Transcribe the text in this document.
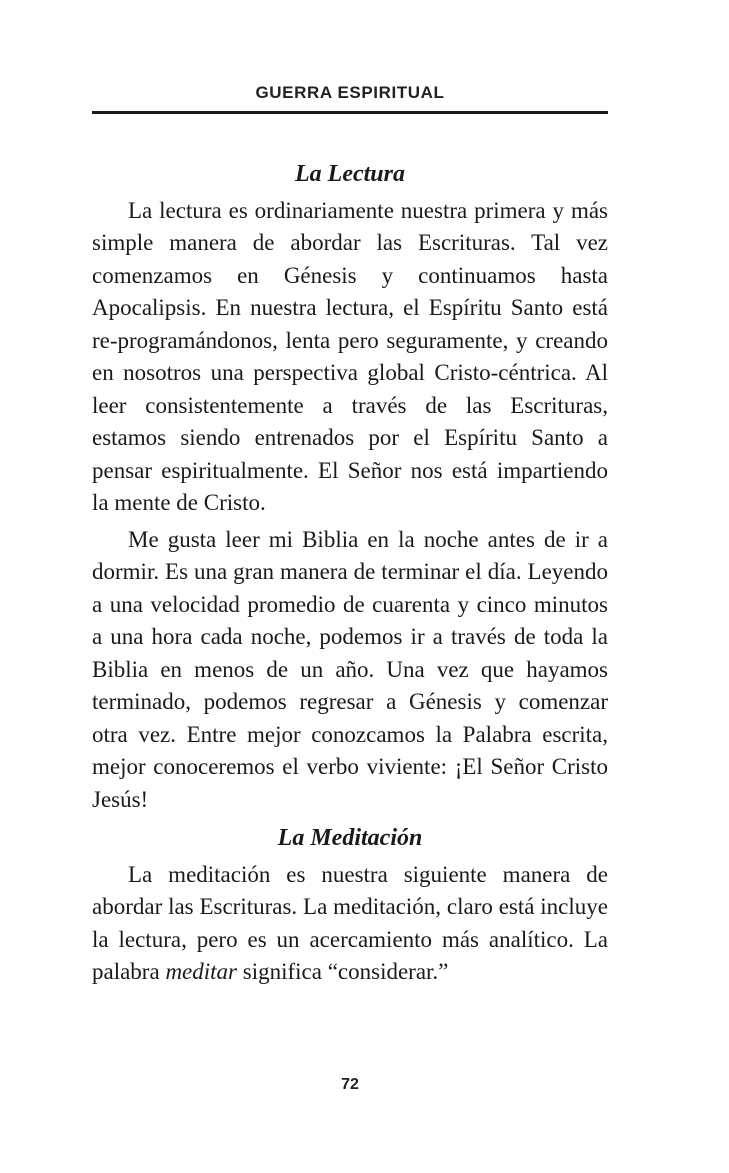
GUERRA ESPIRITUAL
La Lectura

La lectura es ordinariamente nuestra primera y más simple manera de abordar las Escrituras. Tal vez comenzamos en Génesis y continuamos hasta Apocalipsis. En nuestra lectura, el Espíritu Santo está re-programándonos, lenta pero seguramente, y creando en nosotros una perspectiva global Cristo-céntrica. Al leer consistentemente a través de las Escrituras, estamos siendo entrenados por el Espíritu Santo a pensar espiritualmente. El Señor nos está impartiendo la mente de Cristo.

Me gusta leer mi Biblia en la noche antes de ir a dormir. Es una gran manera de terminar el día. Leyendo a una velocidad promedio de cuarenta y cinco minutos a una hora cada noche, podemos ir a través de toda la Biblia en menos de un año. Una vez que hayamos terminado, podemos regresar a Génesis y comenzar otra vez. Entre mejor conozcamos la Palabra escrita, mejor conoceremos el verbo viviente: ¡El Señor Cristo Jesús!

La Meditación

La meditación es nuestra siguiente manera de abordar las Escrituras. La meditación, claro está incluye la lectura, pero es un acercamiento más analítico. La palabra meditar significa “considerar.”

72
